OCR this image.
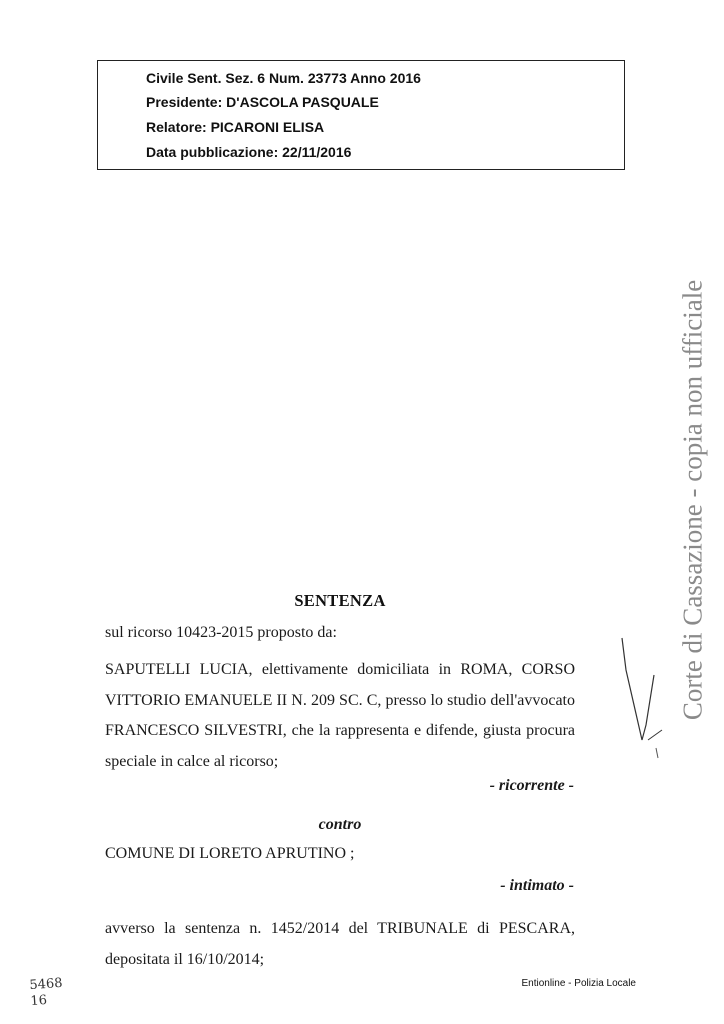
Civile Sent. Sez. 6 Num. 23773 Anno 2016
Presidente: D'ASCOLA PASQUALE
Relatore: PICARONI ELISA
Data pubblicazione: 22/11/2016
Corte di Cassazione - copia non ufficiale
SENTENZA
sul ricorso 10423-2015 proposto da:
SAPUTELLI LUCIA, elettivamente domiciliata in ROMA, CORSO VITTORIO EMANUELE II N. 209 SC. C, presso lo studio dell'avvocato FRANCESCO SILVESTRI, che la rappresenta e difende, giusta procura speciale in calce al ricorso;
- ricorrente -
contro
COMUNE DI LORETO APRUTINO ;
- intimato -
avverso la sentenza n. 1452/2014 del TRIBUNALE di PESCARA, depositata il 16/10/2014;
5468
16
Entionline - Polizia Locale
